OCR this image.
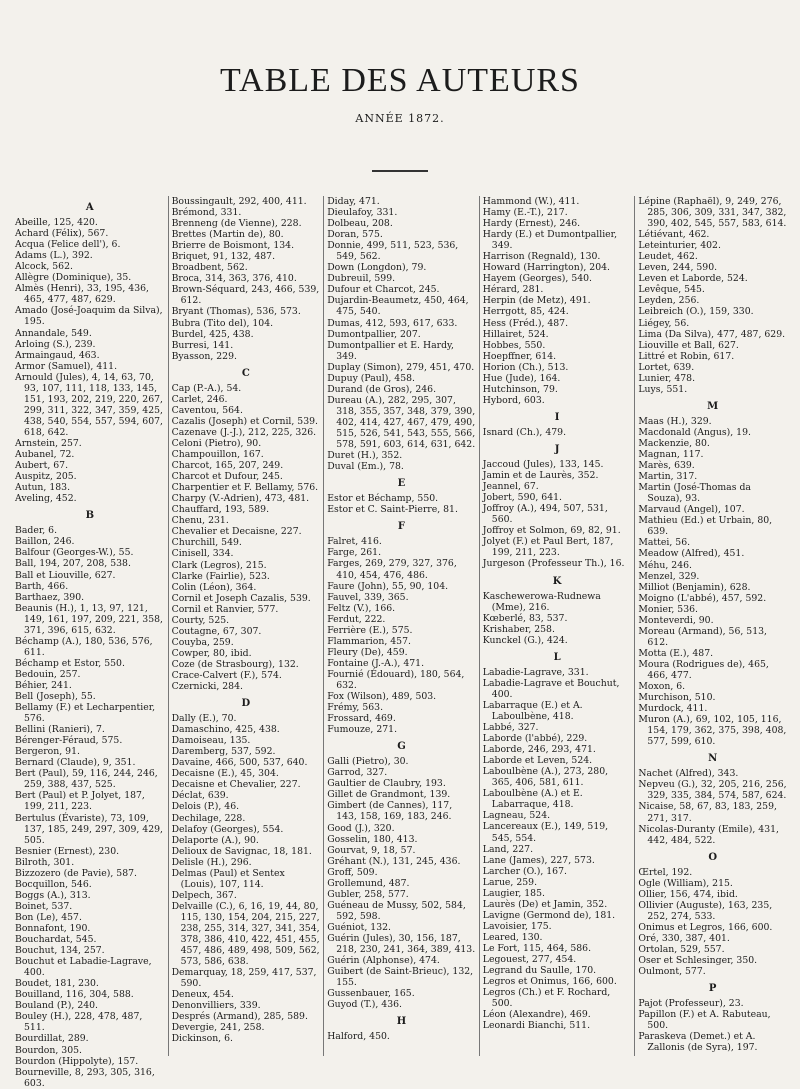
TABLE DES AUTEURS
ANNÉE 1872.
A
Abeille, 125, 420.
Achard (Félix), 567.
Acqua (Felice dell'), 6.
Adams (L.), 392.
Alcock, 562.
Allègre (Dominique), 35.
Almès (Henri), 33, 195, 436, 465, 477, 487, 629.
Amado (José-Joaquim da Silva), 195.
Annandale, 549.
Arloing (S.), 239.
Armaingaud, 463.
Armor (Samuel), 411.
Arnould (Jules), 4, 14, 63, 70, 93, 107, 111, 118, 133, 145, 151, 193, 202, 219, 220, 267, 299, 311, 322, 347, 359, 425, 438, 540, 554, 557, 594, 607, 618, 642.
Arnstein, 257.
Aubanel, 72.
Aubert, 67.
Auspitz, 205.
Autun, 183.
Aveling, 452.
B
Bader, 6.
Baillon, 246.
Balfour (Georges-W.), 55.
Ball, 194, 207, 208, 538.
Ball et Liouville, 627.
Barth, 466.
Barthaez, 390.
Beaunis (H.), 1, 13, 97, 121, 149, 161, 197, 209, 221, 358, 371, 396, 615, 632.
Béchamp (A.), 180, 536, 576, 611.
Béchamp et Estor, 550.
Bedouin, 257.
Béhier, 241.
Bell (Joseph), 55.
Bellamy (F.) et Lecharpentier, 576.
Bellini (Ranieri), 7.
Bérenger-Féraud, 575.
Bergeron, 91.
Bernard (Claude), 9, 351.
Bert (Paul), 59, 116, 244, 246, 259, 388, 437, 525.
Bert (Paul) et P. Jolyet, 187, 199, 211, 223.
Bertulus (Évariste), 73, 109, 137, 185, 249, 297, 309, 429, 505.
Besnier (Ernest), 230.
Bilroth, 301.
Bizzozero (de Pavie), 587.
Bocquillon, 546.
Boggs (A.), 313.
Boinet, 537.
Bon (Le), 457.
Bonnafont, 190.
Bouchardat, 545.
Bouchut, 134, 257.
Bouchut et Labadie-Lagrave, 400.
Boudet, 181, 230.
Bouilland, 116, 304, 588.
Bouland (P.), 240.
Bouley (H.), 228, 478, 487, 511.
Bourdillat, 289.
Bourdon, 305.
Bourdon (Hippolyte), 157.
Bourneville, 8, 293, 305, 316, 603.
Boussingault, 292, 400, 411.
Brémond, 331.
Brenneng (de Vienne), 228.
Brettes (Martin de), 80.
Brierre de Boismont, 134.
Briquet, 91, 132, 487.
Broadbent, 562.
Broca, 314, 363, 376, 410.
Brown-Séquard, 243, 466, 539, 612.
Bryant (Thomas), 536, 573.
Bubra (Tito del), 104.
Burdel, 425, 438.
Burresi, 141.
Byasson, 229.
C
Cap (P.-A.), 54.
Carlet, 246.
Caventou, 564.
Cazalis (Joseph) et Cornil, 539.
Cazenave (J.-J.), 212, 225, 326.
Celoni (Pietro), 90.
Champouillon, 167.
Charcot, 165, 207, 249.
Charcot et Dufour, 245.
Charpentier et F. Bellamy, 576.
Charpy (V.-Adrien), 473, 481.
Chauffard, 193, 589.
Chenu, 231.
Chevalier et Decaisne, 227.
Churchill, 549.
Cinisell, 334.
Clark (Legros), 215.
Clarke (Fairlie), 523.
Colin (Léon), 364.
Cornil et Joseph Cazalis, 539.
Cornil et Ranvier, 577.
Courty, 525.
Coutagne, 67, 307.
Couyba, 259.
Cowper, 80, ibid.
Coze (de Strasbourg), 132.
Crace-Calvert (F.), 574.
Czernicki, 284.
D
Dally (E.), 70.
Damaschino, 425, 438.
Damoiseau, 135.
Daremberg, 537, 592.
Davaine, 466, 500, 537, 640.
Decaisne (E.), 45, 304.
Decaisne et Chevalier, 227.
Déclat, 639.
Delois (P.), 46.
Dechilage, 228.
Delafoy (Georges), 554.
Delaporte (A.), 90.
Delioux de Savignac, 18, 181.
Delisle (H.), 296.
Delmas (Paul) et Sentex (Louis), 107, 114.
Delpech, 367.
Delvaille (C.), 6, 16, 19, 44, 80, 115, 130, 154, 204, 215, 227, 238, 255, 314, 327, 341, 354, 378, 386, 410, 422, 451, 455, 457, 486, 489, 498, 509, 562, 573, 586, 638.
Demarquay, 18, 259, 417, 537, 590.
Deneux, 454.
Denonvilliers, 339.
Després (Armand), 285, 589.
Devergie, 241, 258.
Dickinson, 6.
Diday, 471.
Dieulafoy, 331.
Dolbeau, 208.
Doran, 575.
Donnie, 499, 511, 523, 536, 549, 562.
Down (Longdon), 79.
Dubreuil, 599.
Dufour et Charcot, 245.
Dujardin-Beaumetz, 450, 464, 475, 540.
Dumas, 412, 593, 617, 633.
Dumontpallier, 207.
Dumontpallier et E. Hardy, 349.
Duplay (Simon), 279, 451, 470.
Dupuy (Paul), 458.
Durand (de Gros), 246.
Dureau (A.), 282, 295, 307, 318, 355, 357, 348, 379, 390, 402, 414, 427, 467, 479, 490, 515, 526, 541, 543, 555, 566, 578, 591, 603, 614, 631, 642.
Duret (H.), 352.
Duval (Em.), 78.
E
Estor et Béchamp, 550.
Estor et C. Saint-Pierre, 81.
F
Falret, 416.
Farge, 261.
Farges, 269, 279, 327, 376, 410, 454, 476, 486.
Faure (John), 55, 90, 104.
Fauvel, 339, 365.
Feltz (V.), 166.
Ferdut, 222.
Ferrière (E.), 575.
Flammarion, 457.
Fleury (De), 459.
Fontaine (J.-A.), 471.
Fournié (Édouard), 180, 564, 632.
Fox (Wilson), 489, 503.
Frémy, 563.
Frossard, 469.
Fumouze, 271.
G
Galli (Pietro), 30.
Garrod, 327.
Gaultier de Claubry, 193.
Gillet de Grandmont, 139.
Gimbert (de Cannes), 117, 143, 158, 169, 183, 246.
Good (J.), 320.
Gosselin, 180, 413.
Gourvat, 9, 18, 57.
Gréhant (N.), 131, 245, 436.
Groff, 509.
Grollemund, 487.
Gubler, 258, 577.
Guéneau de Mussy, 502, 584, 592, 598.
Guéniot, 132.
Guérin (Jules), 30, 156, 187, 218, 230, 241, 364, 389, 413.
Guérin (Alphonse), 474.
Guibert (de Saint-Brieuc), 132, 155.
Gussenbauer, 165.
Guyod (T.), 436.
H
Halford, 450.
Hammond (W.), 411.
Hamy (E.-T.), 217.
Hardy (Ernest), 246.
Hardy (E.) et Dumontpallier, 349.
Harrison (Regnald), 130.
Howard (Harrington), 204.
Hayem (Georges), 540.
Hérard, 281.
Herpin (de Metz), 491.
Herrgott, 85, 424.
Hess (Fréd.), 487.
Hillairet, 524.
Hobbes, 550.
Hoepffner, 614.
Horion (Ch.), 513.
Hue (Jude), 164.
Hutchinson, 79.
Hybord, 603.
I
Isnard (Ch.), 479.
J
Jaccoud (Jules), 133, 145.
Jamin et de Laurès, 352.
Jeannel, 67.
Jobert, 590, 641.
Joffroy (A.), 494, 507, 531, 560.
Joffroy et Solmon, 69, 82, 91.
Jolyet (F.) et Paul Bert, 187, 199, 211, 223.
Jurgeson (Professeur Th.), 16.
K
Kaschewerowa-Rudnewa (Mme), 216.
Kœberlé, 83, 537.
Krishaber, 258.
Kunckel (G.), 424.
L
Labadie-Lagrave, 331.
Labadie-Lagrave et Bouchut, 400.
Labarraque (E.) et A. Laboulbène, 418.
Labbé, 327.
Laborde (l'abbé), 229.
Laborde, 246, 293, 471.
Laborde et Leven, 524.
Laboulbène (A.), 273, 280, 365, 406, 581, 611.
Laboulbène (A.) et E. Labarraque, 418.
Lagneau, 524.
Lancereaux (E.), 149, 519, 545, 554.
Land, 227.
Lane (James), 227, 573.
Larcher (O.), 167.
Larue, 259.
Laugier, 185.
Laurès (De) et Jamin, 352.
Lavigne (Germond de), 181.
Lavoisier, 175.
Leared, 130.
Le Fort, 115, 464, 586.
Legouest, 277, 454.
Legrand du Saulle, 170.
Legros et Onimus, 166, 600.
Legros (Ch.) et F. Rochard, 500.
Léon (Alexandre), 469.
Leonardi Bianchi, 511.
Lépine (Raphaël), 9, 249, 276, 285, 306, 309, 331, 347, 382, 390, 402, 545, 557, 583, 614.
Létiévant, 462.
Leteinturier, 402.
Leudet, 462.
Leven, 244, 590.
Leven et Laborde, 524.
Levêque, 545.
Leyden, 256.
Leibreich (O.), 159, 330.
Liégey, 56.
Lima (Da Silva), 477, 487, 629.
Liouville et Ball, 627.
Littré et Robin, 617.
Lortet, 639.
Lunier, 478.
Luys, 551.
M
Maas (H.), 329.
Macdonald (Angus), 19.
Mackenzie, 80.
Magnan, 117.
Marès, 639.
Martin, 317.
Martin (José-Thomas da Souza), 93.
Marvaud (Angel), 107.
Mathieu (Ed.) et Urbain, 80, 639.
Mattei, 56.
Meadow (Alfred), 451.
Méhu, 246.
Menzel, 329.
Milliot (Benjamin), 628.
Moigno (L'abbé), 457, 592.
Monier, 536.
Monteverdi, 90.
Moreau (Armand), 56, 513, 612.
Motta (E.), 487.
Moura (Rodrigues de), 465, 466, 477.
Moxon, 6.
Murchison, 510.
Murdock, 411.
Muron (A.), 69, 102, 105, 116, 154, 179, 362, 375, 398, 408, 577, 599, 610.
N
Nachet (Alfred), 343.
Nepveu (G.), 32, 205, 216, 256, 329, 335, 384, 574, 587, 624.
Nicaise, 58, 67, 83, 183, 259, 271, 317.
Nicolas-Duranty (Emile), 431, 442, 484, 522.
O
Œrtel, 192.
Ogle (William), 215.
Ollier, 156, 474, ibid.
Ollivier (Auguste), 163, 235, 252, 274, 533.
Onimus et Legros, 166, 600.
Oré, 330, 387, 401.
Ortolan, 529, 557.
Oser et Schlesinger, 350.
Oulmont, 577.
P
Pajot (Professeur), 23.
Papillon (F.) et A. Rabuteau, 500.
Paraskeva (Demet.) et A. Zallonis (de Syra), 197.
